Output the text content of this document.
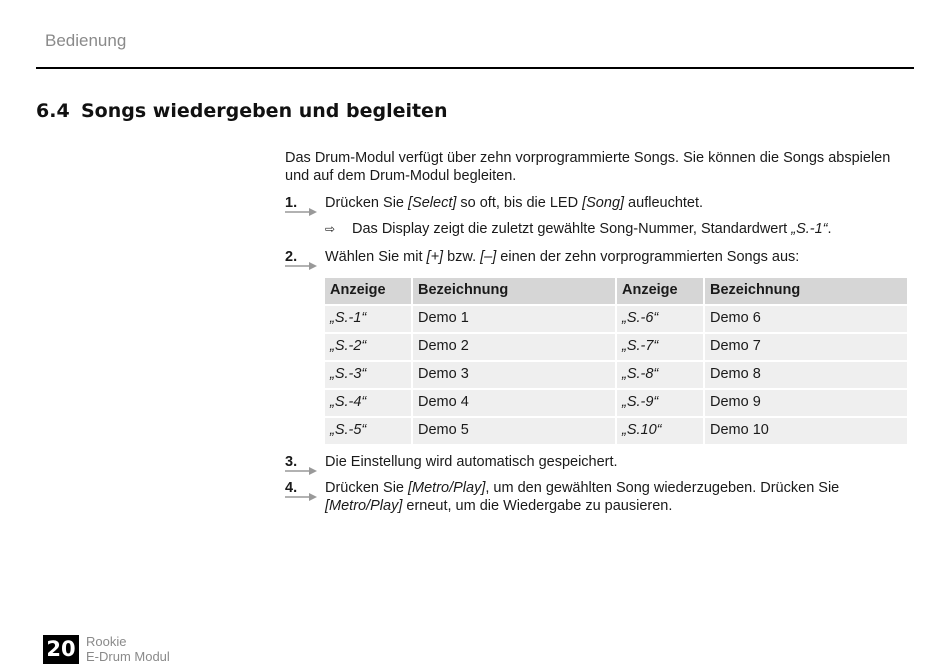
Bedienung
6.4 Songs wiedergeben und begleiten

Das Drum-Modul verfügt über zehn vorprogrammierte Songs. Sie können die Songs abspielen und auf dem Drum-Modul begleiten.

1.	Drücken Sie [Select] so oft, bis die LED [Song] aufleuchtet.
⇨ Das Display zeigt die zuletzt gewählte Song-Nummer, Standardwert „S.-1“.
2.	Wählen Sie mit [+] bzw. [–] einen der zehn vorprogrammierten Songs aus:
Anzeige	Bezeichnung	Anzeige	Bezeichnung
„S.-1“	Demo 1	„S.-6“	Demo 6
„S.-2“	Demo 2	„S.-7“	Demo 7
„S.-3“	Demo 3	„S.-8“	Demo 8
„S.-4“	Demo 4	„S.-9“	Demo 9
„S.-5“	Demo 5	„S.10“	Demo 10
3.	Die Einstellung wird automatisch gespeichert.
4.	Drücken Sie [Metro/Play], um den gewählten Song wiederzugeben. Drücken Sie [Metro/Play] erneut, um die Wiedergabe zu pausieren.
20 Rookie
E-Drum Modul
